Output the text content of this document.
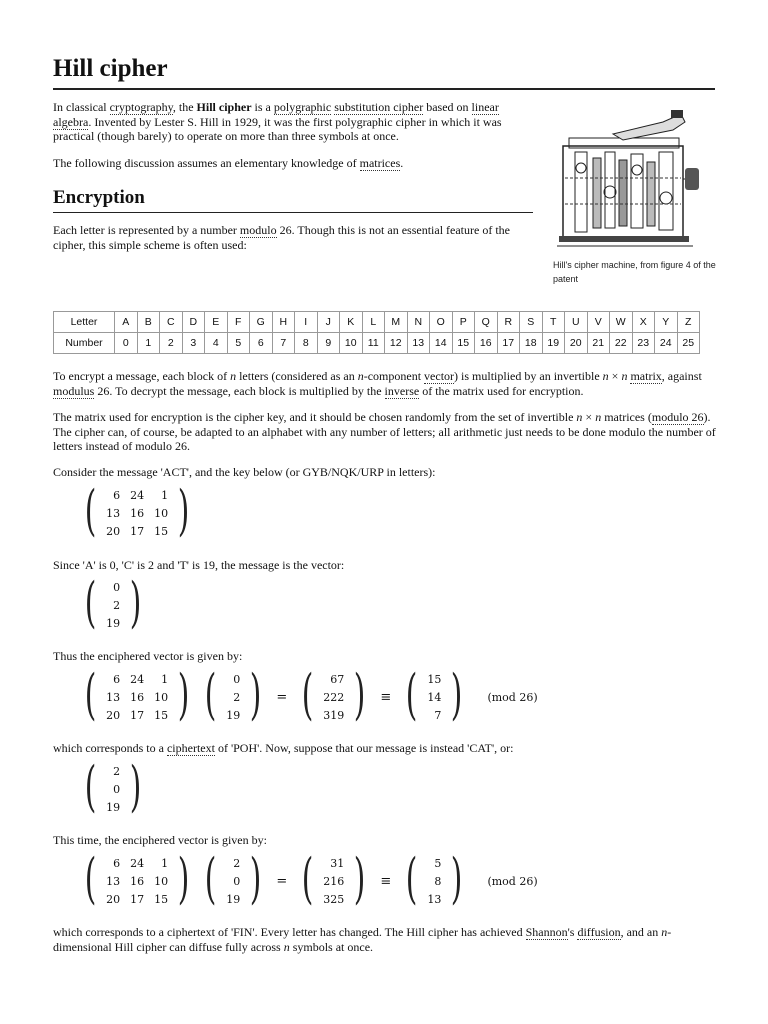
Hill cipher

In classical cryptography, the Hill cipher is a polygraphic substitution cipher based on linear algebra. Invented by Lester S. Hill in 1929, it was the first polygraphic cipher in which it was practical (though barely) to operate on more than three symbols at once.

The following discussion assumes an elementary knowledge of matrices.

Encryption

Each letter is represented by a number modulo 26. Though this is not an essential feature of the cipher, this simple scheme is often used:

Hill's cipher machine, from figure 4 of the patent
Letter	A	B	C	D	E	F	G	H	I	J	K	L	M	N	O	P	Q	R	S	T	U	V	W	X	Y	Z
Number	0	1	2	3	4	5	6	7	8	9	10	11	12	13	14	15	16	17	18	19	20	21	22	23	24	25

To encrypt a message, each block of n letters (considered as an n-component vector) is multiplied by an invertible n × n matrix, against modulus 26. To decrypt the message, each block is multiplied by the inverse of the matrix used for encryption.

The matrix used for encryption is the cipher key, and it should be chosen randomly from the set of invertible n × n matrices (modulo 26). The cipher can, of course, be adapted to an alphabet with any number of letters; all arithmetic just needs to be done modulo the number of letters instead of modulo 26.

Consider the message 'ACT', and the key below (or GYB/NQK/URP in letters):

(	6 24	1
13 16 10
20 17 15 )

Since 'A' is 0, 'C' is 2 and 'T' is 19, the message is the vector:

(	0
2
19 )

Thus the enciphered vector is given by:

(	6 24	1
13 16 10
20 17 15 ) (	0
2
19 )	= (	67
222
319 )	≡ ( 15
14
7 )	(mod 26)

which corresponds to a ciphertext of 'POH'. Now, suppose that our message is instead 'CAT', or:

(	2
0
19 )

This time, the enciphered vector is given by:

(	6 24	1
13 16 10
20 17 15 ) (	2
0
19 )	= (	31
216
325 )	≡ (	5
8
13 )	(mod 26)

which corresponds to a ciphertext of 'FIN'. Every letter has changed. The Hill cipher has achieved Shannon's diffusion, and an n-dimensional Hill cipher can diffuse fully across n symbols at once.
